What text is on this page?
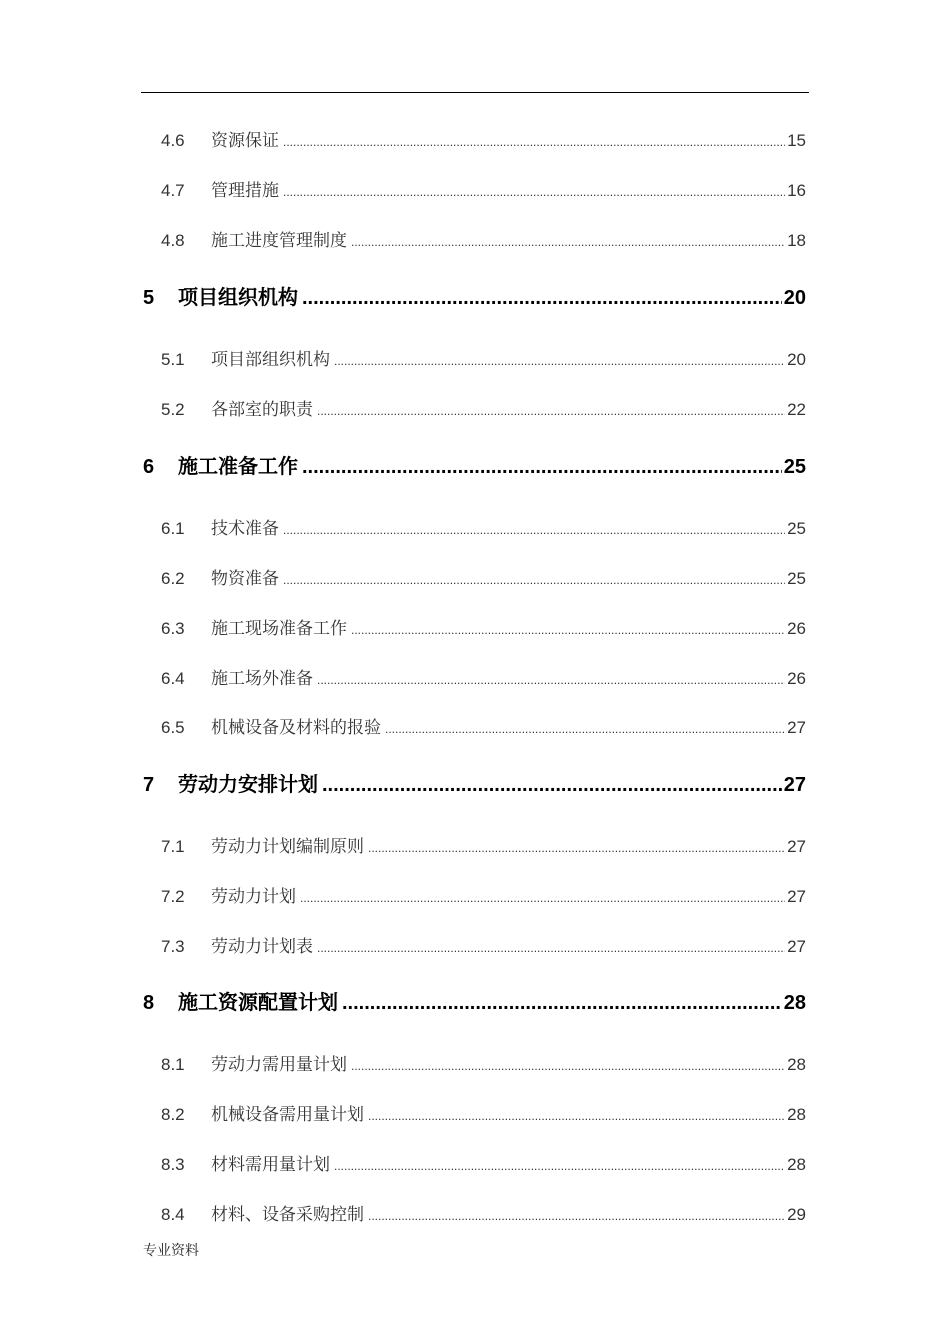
4.6	资源保证 .....	15
4.7	管理措施 .....	16
4.8	施工进度管理制度 .....	18
5	项目组织机构 .....	20
5.1	项目部组织机构 .....	20
5.2	各部室的职责 .....	22
6	施工准备工作 .....	25
6.1	技术准备 .....	25
6.2	物资准备 .....	25
6.3	施工现场准备工作 .....	26
6.4	施工场外准备 .....	26
6.5	机械设备及材料的报验 .....	27
7	劳动力安排计划 .....	27
7.1	劳动力计划编制原则 .....	27
7.2	劳动力计划 .....	27
7.3	劳动力计划表 .....	27
8	施工资源配置计划 .....	28
8.1	劳动力需用量计划 .....	28
8.2	机械设备需用量计划 .....	28
8.3	材料需用量计划 .....	28
8.4	材料、设备采购控制 .....	29
专业资料
